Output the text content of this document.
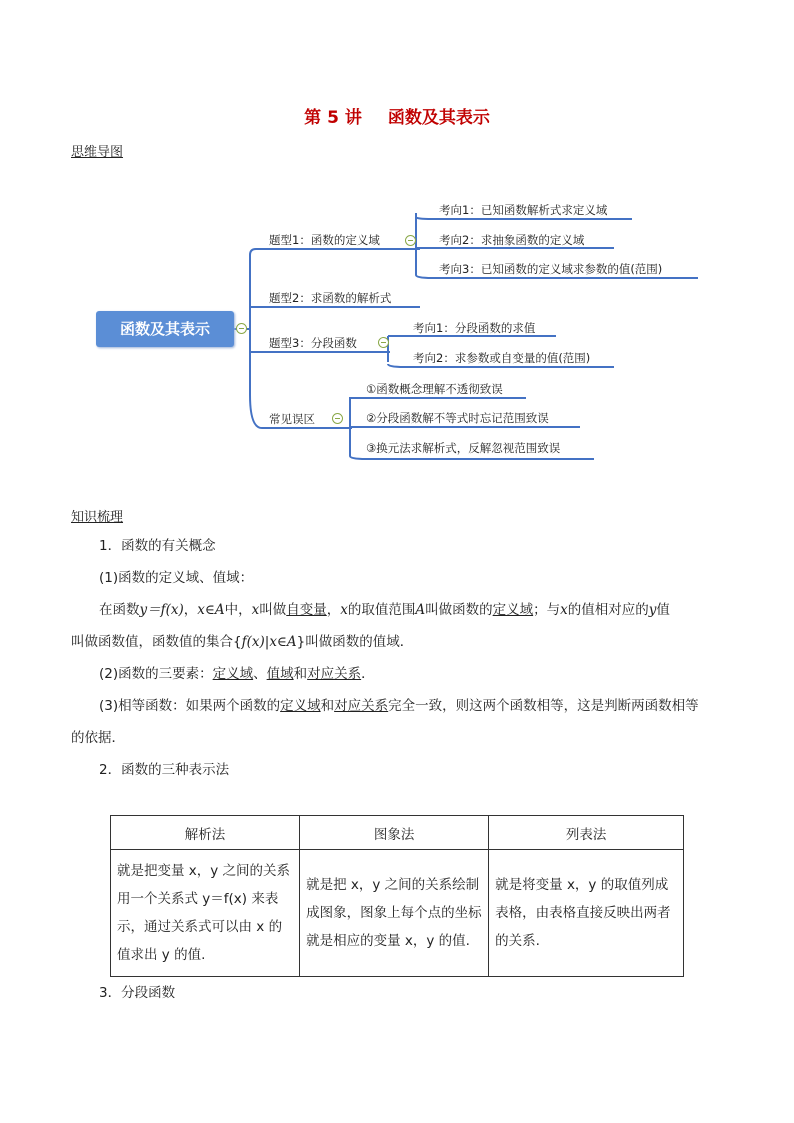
第 5 讲 函数及其表示
思维导图
函数及其表示
题型1：函数的定义域
考向1：已知函数解析式求定义域
考向2：求抽象函数的定义域
考向3：已知函数的定义域求参数的值(范围)
题型2：求函数的解析式
题型3：分段函数
考向1：分段函数的求值
考向2：求参数或自变量的值(范围)
常见误区
①函数概念理解不透彻致误
②分段函数解不等式时忘记范围致误
③换元法求解析式，反解忽视范围致误
知识梳理
1．函数的有关概念
(1)函数的定义域、值域：
在函数y＝f(x)，x∈A中，x叫做自变量，x的取值范围A叫做函数的定义域；与x的值相对应的y值
叫做函数值，函数值的集合{f(x)|x∈A}叫做函数的值域．
(2)函数的三要素：定义域、值域和对应关系．
(3)相等函数：如果两个函数的定义域和对应关系完全一致，则这两个函数相等，这是判断两函数相等
的依据．
2．函数的三种表示法
解析法	图象法	列表法
就是把变量 x，y 之间的关系用一个关系式 y＝f(x) 来表示，通过关系式可以由 x 的值求出 y 的值.	就是把 x，y 之间的关系绘制成图象，图象上每个点的坐标就是相应的变量 x，y 的值.	就是将变量 x，y 的取值列成表格，由表格直接反映出两者的关系.
3．分段函数
